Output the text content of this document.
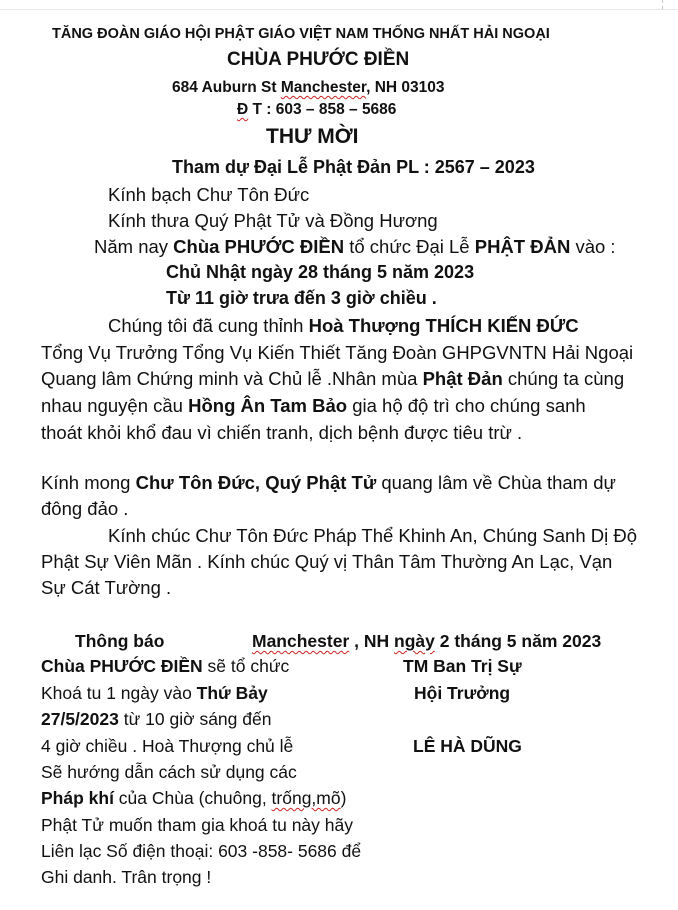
TĂNG ĐOÀN GIÁO HỘI PHẬT GIÁO VIỆT NAM THỐNG NHẤT HẢI NGOẠI
CHÙA PHƯỚC ĐIỀN
684 Auburn St Manchester, NH 03103
Đ T : 603 – 858 – 5686
THƯ MỜI
Tham dự Đại Lễ Phật Đản PL : 2567 – 2023
Kính bạch Chư Tôn Đức
Kính thưa Quý Phật Tử và Đồng Hương
Năm nay Chùa PHƯỚC ĐIỀN tổ chức Đại Lễ PHẬT ĐẢN vào :
Chủ Nhật ngày 28 tháng 5 năm 2023
Từ 11 giờ trưa đến 3 giờ chiều .
Chúng tôi đã cung thỉnh Hoà Thượng THÍCH KIẾN ĐỨC
Tổng Vụ Trưởng Tổng Vụ Kiến Thiết Tăng Đoàn GHPGVNTN Hải Ngoại
Quang lâm Chứng minh và Chủ lễ .Nhân mùa Phật Đản chúng ta cùng
nhau nguyện cầu Hồng Ân Tam Bảo gia hộ độ trì cho chúng sanh
thoát khỏi khổ đau vì chiến tranh, dịch bệnh được tiêu trừ .
Kính mong Chư Tôn Đức, Quý Phật Tử quang lâm về Chùa tham dự
đông đảo .
Kính chúc Chư Tôn Đức Pháp Thể Khinh An, Chúng Sanh Dị Độ
Phật Sự Viên Mãn . Kính chúc Quý vị Thân Tâm Thường An Lạc, Vạn
Sự Cát Tường .
Thông báo	Manchester , NH ngày 2 tháng 5 năm 2023
Chùa PHƯỚC ĐIỀN sẽ tổ chức	TM Ban Trị Sự
Khoá tu 1 ngày vào Thứ Bảy	Hội Trưởng
27/5/2023 từ 10 giờ sáng đến
4 giờ chiều . Hoà Thượng chủ lễ	LÊ HÀ DŨNG
Sẽ hướng dẫn cách sử dụng các
Pháp khí của Chùa (chuông, trống,mõ)
Phật Tử muốn tham gia khoá tu này hãy
Liên lạc Số điện thoại: 603 -858- 5686 để
Ghi danh. Trân trọng !
